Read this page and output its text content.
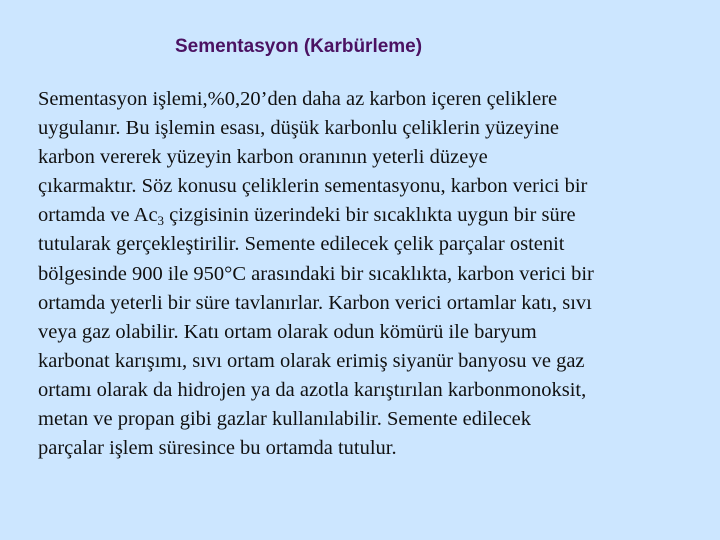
Sementasyon (Karbürleme)
Sementasyon işlemi,%0,20’den daha az karbon içeren çeliklere
uygulanır. Bu işlemin esası, düşük karbonlu çeliklerin yüzeyine
karbon vererek yüzeyin karbon oranının yeterli düzeye
çıkarmaktır. Söz konusu çeliklerin sementasyonu, karbon verici bir
ortamda ve $Ac_3$ çizgisinin üzerindeki bir sıcaklıkta uygun bir süre
tutularak gerçekleştirilir. Semente edilecek çelik parçalar ostenit
bölgesinde 900 ile 950°C arasındaki bir sıcaklıkta, karbon verici bir
ortamda yeterli bir süre tavlanırlar. Karbon verici ortamlar katı, sıvı
veya gaz olabilir. Katı ortam olarak odun kömürü ile baryum
karbonat karışımı, sıvı ortam olarak erimiş siyanür banyosu ve gaz
ortamı olarak da hidrojen ya da azotla karıştırılan karbonmonoksit,
metan ve propan gibi gazlar kullanılabilir. Semente edilecek
parçalar işlem süresince bu ortamda tutulur.
